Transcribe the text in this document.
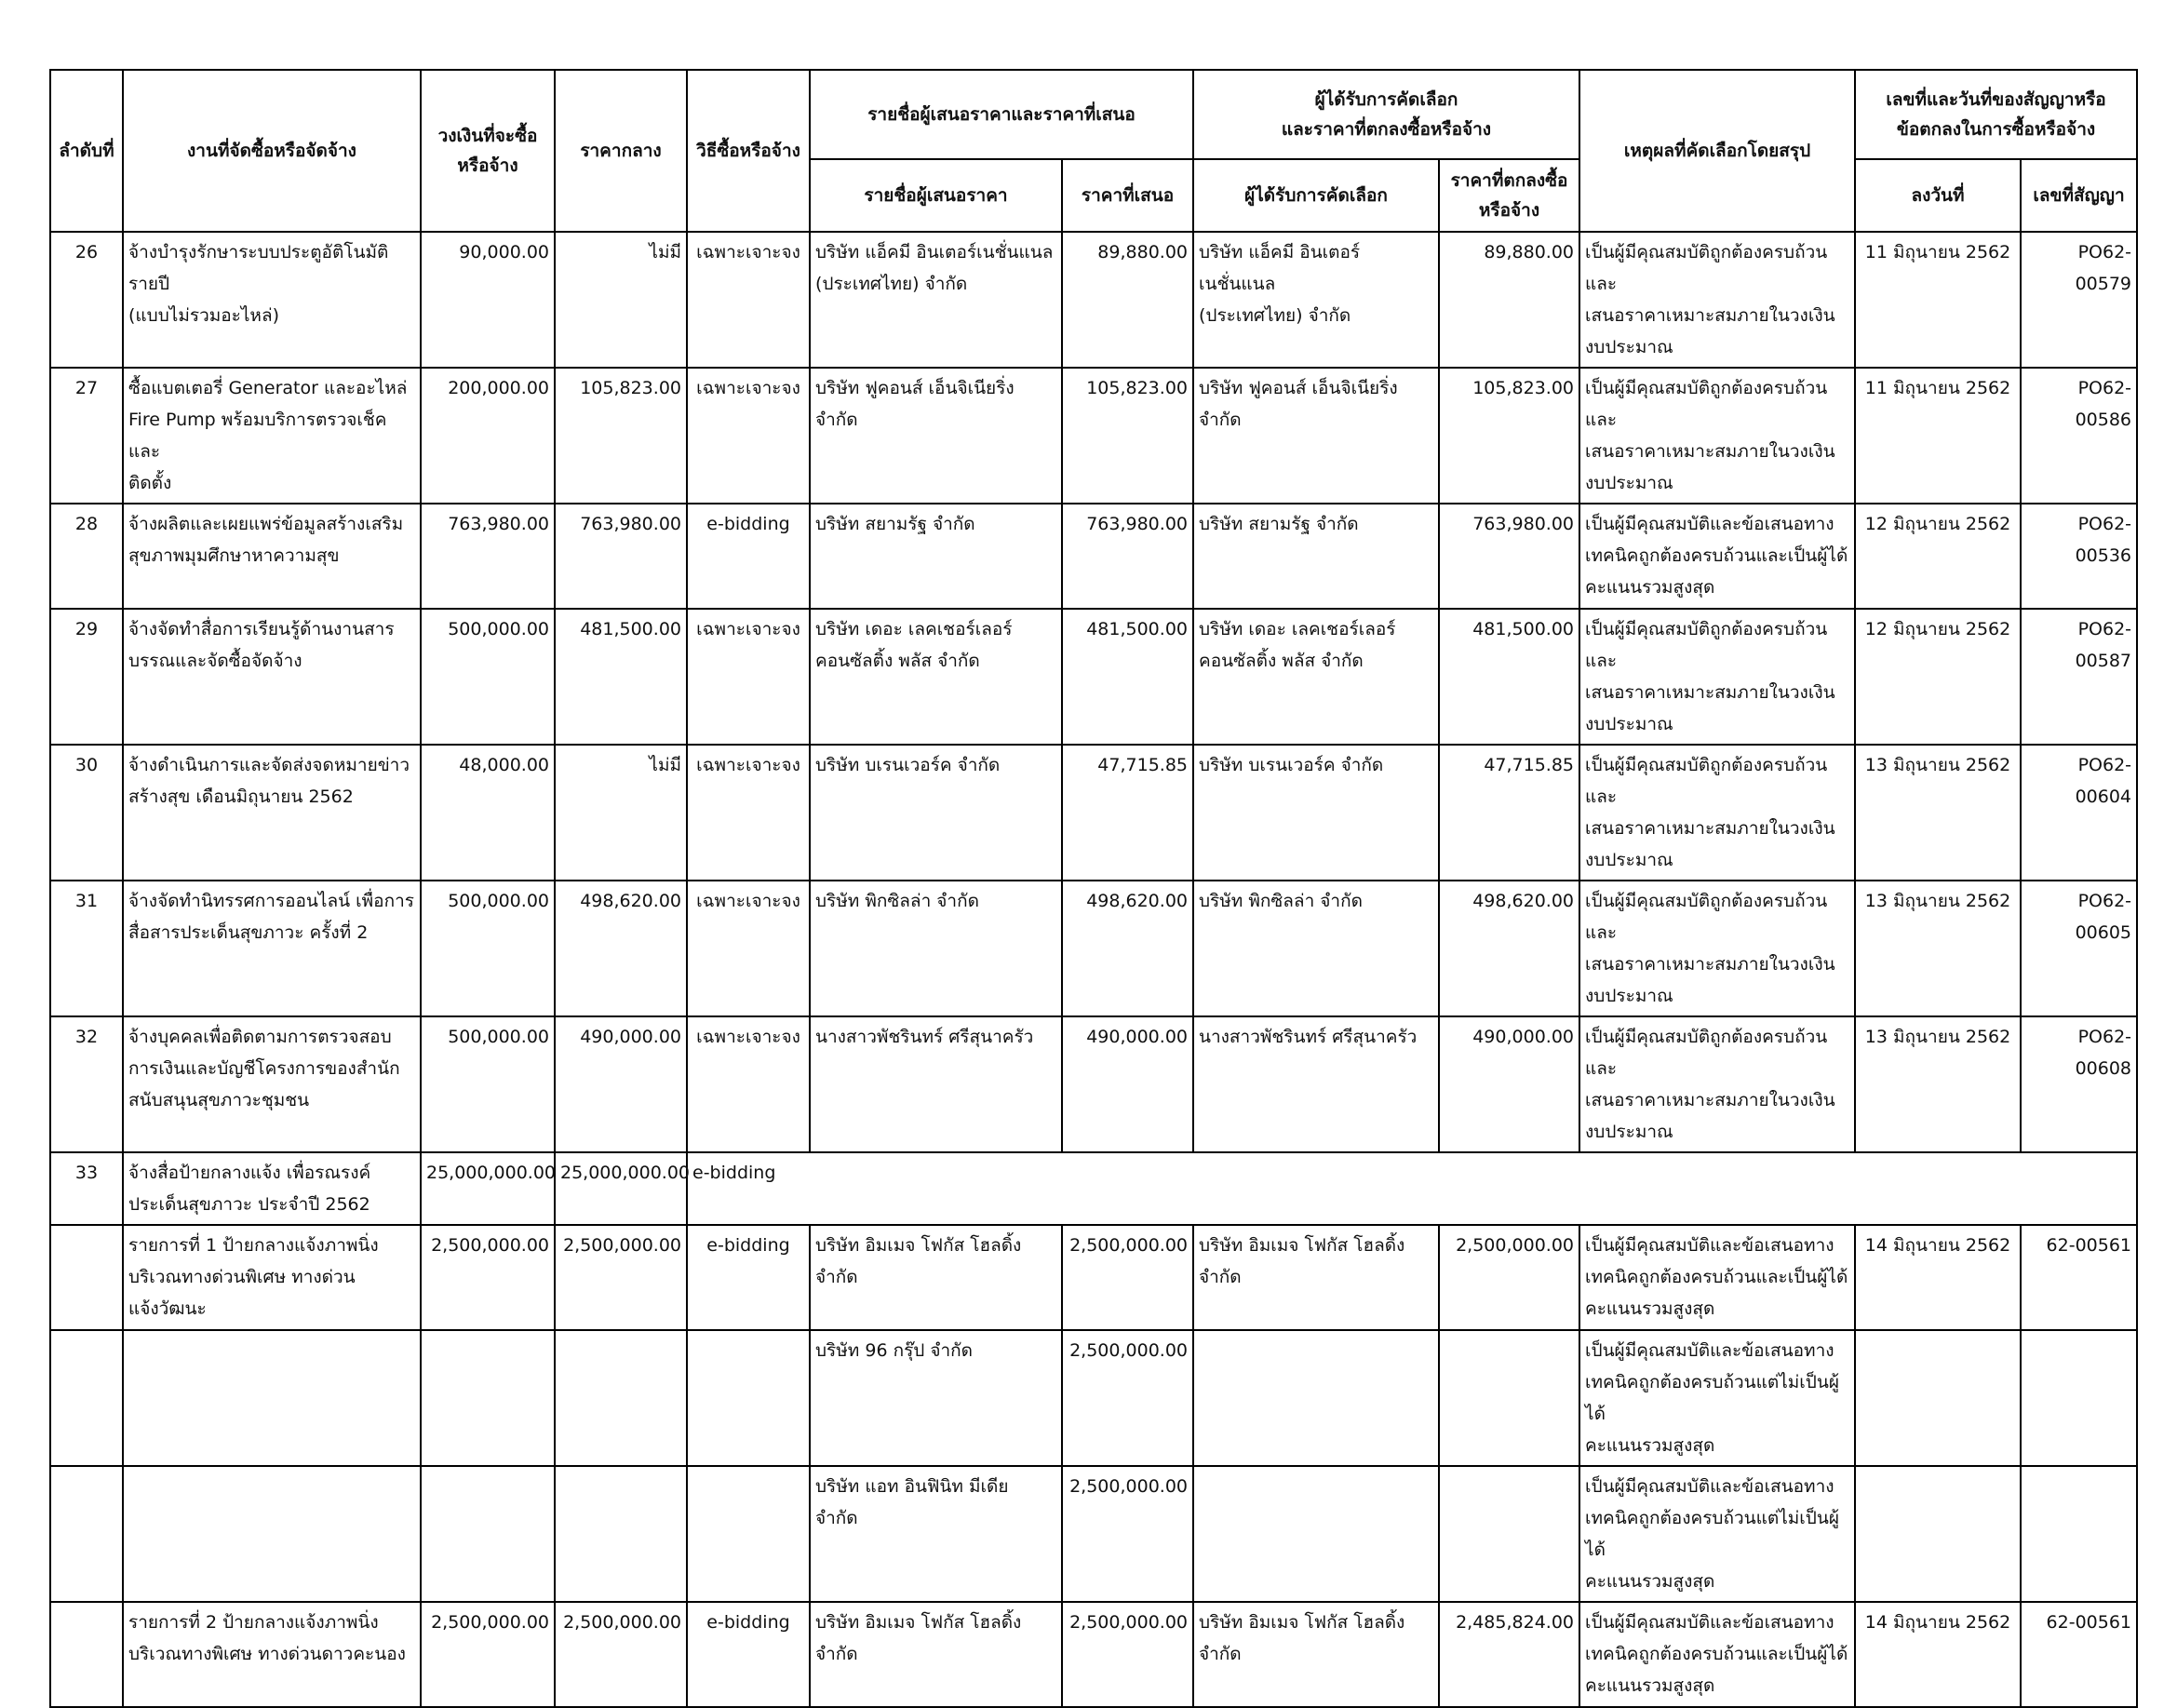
ลำดับที่	งานที่จัดซื้อหรือจัดจ้าง	วงเงินที่จะซื้อ
หรือจ้าง	ราคากลาง	วิธีซื้อหรือจ้าง	รายชื่อผู้เสนอราคาและราคาที่เสนอ		ผู้ได้รับการคัดเลือก
และราคาที่ตกลงซื้อหรือจ้าง		เหตุผลที่คัดเลือกโดยสรุป	เลขที่และวันที่ของสัญญาหรือ
ข้อตกลงในการซื้อหรือจ้าง	
					รายชื่อผู้เสนอราคา	ราคาที่เสนอ	ผู้ได้รับการคัดเลือก	ราคาที่ตกลงซื้อ
หรือจ้าง		ลงวันที่	เลขที่สัญญา
26	จ้างบำรุงรักษาระบบประตูอัติโนมัติรายปี
(แบบไม่รวมอะไหล่)	90,000.00	ไม่มี	เฉพาะเจาะจง	บริษัท แอ็คมี อินเตอร์เนชั่นแนล
(ประเทศไทย) จำกัด	89,880.00	บริษัท แอ็คมี อินเตอร์เนชั่นแนล
(ประเทศไทย) จำกัด	89,880.00	เป็นผู้มีคุณสมบัติถูกต้องครบถ้วนและ
เสนอราคาเหมาะสมภายในวงเงิน
งบประมาณ	11 มิถุนายน 2562	PO62-00579
27	ซื้อแบตเตอรี่ Generator และอะไหล่
Fire Pump พร้อมบริการตรวจเช็คและ
ติดตั้ง	200,000.00	105,823.00	เฉพาะเจาะจง	บริษัท ฟูคอนส์ เอ็นจิเนียริ่ง จำกัด	105,823.00	บริษัท ฟูคอนส์ เอ็นจิเนียริ่ง จำกัด	105,823.00	เป็นผู้มีคุณสมบัติถูกต้องครบถ้วนและ
เสนอราคาเหมาะสมภายในวงเงิน
งบประมาณ	11 มิถุนายน 2562	PO62-00586
28	จ้างผลิตและเผยแพร่ข้อมูลสร้างเสริม
สุขภาพมุมศึกษาหาความสุข	763,980.00	763,980.00	e-bidding	บริษัท สยามรัฐ จำกัด	763,980.00	บริษัท สยามรัฐ จำกัด	763,980.00	เป็นผู้มีคุณสมบัติและข้อเสนอทาง
เทคนิคถูกต้องครบถ้วนและเป็นผู้ได้
คะแนนรวมสูงสุด	12 มิถุนายน 2562	PO62-00536
29	จ้างจัดทำสื่อการเรียนรู้ด้านงานสาร
บรรณและจัดซื้อจัดจ้าง	500,000.00	481,500.00	เฉพาะเจาะจง	บริษัท เดอะ เลคเชอร์เลอร์
คอนซัลติ้ง พลัส จำกัด	481,500.00	บริษัท เดอะ เลคเชอร์เลอร์
คอนซัลติ้ง พลัส จำกัด	481,500.00	เป็นผู้มีคุณสมบัติถูกต้องครบถ้วนและ
เสนอราคาเหมาะสมภายในวงเงิน
งบประมาณ	12 มิถุนายน 2562	PO62-00587
30	จ้างดำเนินการและจัดส่งจดหมายข่าว
สร้างสุข เดือนมิถุนายน 2562	48,000.00	ไม่มี	เฉพาะเจาะจง	บริษัท บเรนเวอร์ค จำกัด	47,715.85	บริษัท บเรนเวอร์ค จำกัด	47,715.85	เป็นผู้มีคุณสมบัติถูกต้องครบถ้วนและ
เสนอราคาเหมาะสมภายในวงเงิน
งบประมาณ	13 มิถุนายน 2562	PO62-00604
31	จ้างจัดทำนิทรรศการออนไลน์ เพื่อการ
สื่อสารประเด็นสุขภาวะ ครั้งที่ 2	500,000.00	498,620.00	เฉพาะเจาะจง	บริษัท พิกซิลล่า จำกัด	498,620.00	บริษัท พิกซิลล่า จำกัด	498,620.00	เป็นผู้มีคุณสมบัติถูกต้องครบถ้วนและ
เสนอราคาเหมาะสมภายในวงเงิน
งบประมาณ	13 มิถุนายน 2562	PO62-00605
32	จ้างบุคคลเพื่อติดตามการตรวจสอบ
การเงินและบัญชีโครงการของสำนัก
สนับสนุนสุขภาวะชุมชน	500,000.00	490,000.00	เฉพาะเจาะจง	นางสาวพัชรินทร์ ศรีสุนาครัว	490,000.00	นางสาวพัชรินทร์ ศรีสุนาครัว	490,000.00	เป็นผู้มีคุณสมบัติถูกต้องครบถ้วนและ
เสนอราคาเหมาะสมภายในวงเงิน
งบประมาณ	13 มิถุนายน 2562	PO62-00608
33	จ้างสื่อป้ายกลางแจ้ง เพื่อรณรงค์
ประเด็นสุขภาวะ ประจำปี 2562	25,000,000.00	25,000,000.00	e-bidding							
	รายการที่ 1 ป้ายกลางแจ้งภาพนิ่ง
บริเวณทางด่วนพิเศษ ทางด่วนแจ้งวัฒนะ	2,500,000.00	2,500,000.00	e-bidding	บริษัท อิมเมจ โฟกัส โฮลดิ้ง จำกัด	2,500,000.00	บริษัท อิมเมจ โฟกัส โฮลดิ้ง จำกัด	2,500,000.00	เป็นผู้มีคุณสมบัติและข้อเสนอทาง
เทคนิคถูกต้องครบถ้วนและเป็นผู้ได้
คะแนนรวมสูงสุด	14 มิถุนายน 2562	62-00561
					บริษัท 96 กรุ๊ป จำกัด	2,500,000.00			เป็นผู้มีคุณสมบัติและข้อเสนอทาง
เทคนิคถูกต้องครบถ้วนแต่ไม่เป็นผู้ได้
คะแนนรวมสูงสุด		
					บริษัท แอท อินฟินิท มีเดีย จำกัด	2,500,000.00			เป็นผู้มีคุณสมบัติและข้อเสนอทาง
เทคนิคถูกต้องครบถ้วนแต่ไม่เป็นผู้ได้
คะแนนรวมสูงสุด		
	รายการที่ 2 ป้ายกลางแจ้งภาพนิ่ง
บริเวณทางพิเศษ ทางด่วนดาวคะนอง	2,500,000.00	2,500,000.00	e-bidding	บริษัท อิมเมจ โฟกัส โฮลดิ้ง จำกัด	2,500,000.00	บริษัท อิมเมจ โฟกัส โฮลดิ้ง จำกัด	2,485,824.00	เป็นผู้มีคุณสมบัติและข้อเสนอทาง
เทคนิคถูกต้องครบถ้วนและเป็นผู้ได้
คะแนนรวมสูงสุด	14 มิถุนายน 2562	62-00561
